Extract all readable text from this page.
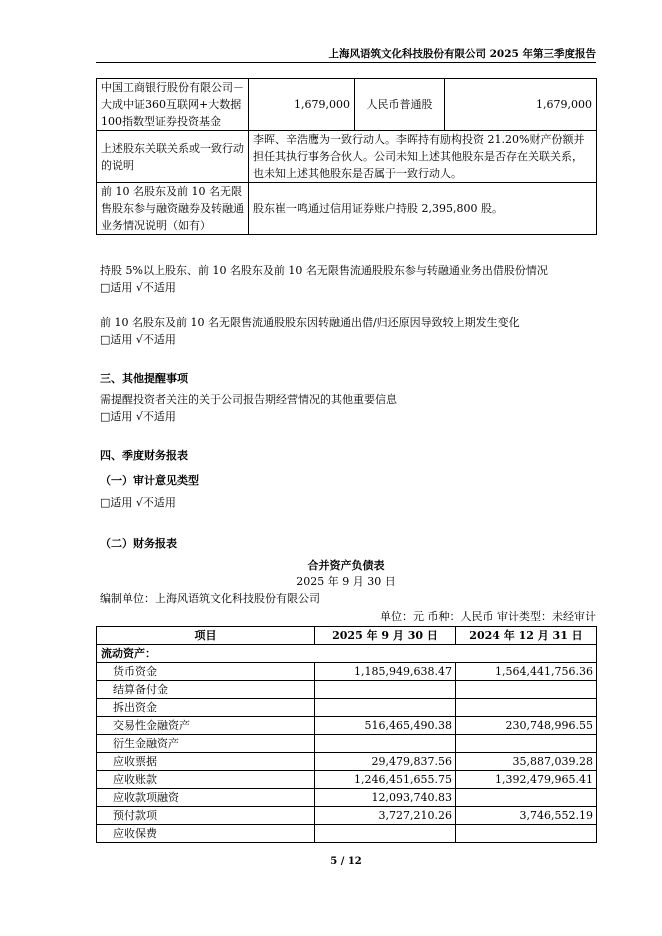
上海风语筑文化科技股份有限公司 2025 年第三季度报告
中国工商银行股份有限公司－大成中证360互联网+大数据100指数型证券投资基金	1,679,000	人民币普通股	1,679,000
上述股东关联关系或一致行动的说明	李晖、辛浩鹰为一致行动人。李晖持有励构投资 21.20%财产份额并担任其执行事务合伙人。公司未知上述其他股东是否存在关联关系，也未知上述其他股东是否属于一致行动人。		
前 10 名股东及前 10 名无限售股东参与融资融券及转融通业务情况说明（如有）	股东崔一鸣通过信用证券账户持股 2,395,800 股。		
持股 5%以上股东、前 10 名股东及前 10 名无限售流通股股东参与转融通业务出借股份情况
□适用 √不适用
前 10 名股东及前 10 名无限售流通股股东因转融通出借/归还原因导致较上期发生变化
□适用 √不适用
三、其他提醒事项
需提醒投资者关注的关于公司报告期经营情况的其他重要信息
□适用 √不适用
四、季度财务报表
（一）审计意见类型
□适用 √不适用
（二）财务报表
合并资产负债表
2025 年 9 月 30 日
编制单位：上海风语筑文化科技股份有限公司
单位：元 币种：人民币 审计类型：未经审计
项目	2025 年 9 月 30 日	2024 年 12 月 31 日
流动资产：		
货币资金	1,185,949,638.47	1,564,441,756.36
结算备付金		
拆出资金		
交易性金融资产	516,465,490.38	230,748,996.55
衍生金融资产		
应收票据	29,479,837.56	35,887,039.28
应收账款	1,246,451,655.75	1,392,479,965.41
应收款项融资	12,093,740.83	
预付款项	3,727,210.26	3,746,552.19
应收保费		
5 / 12
